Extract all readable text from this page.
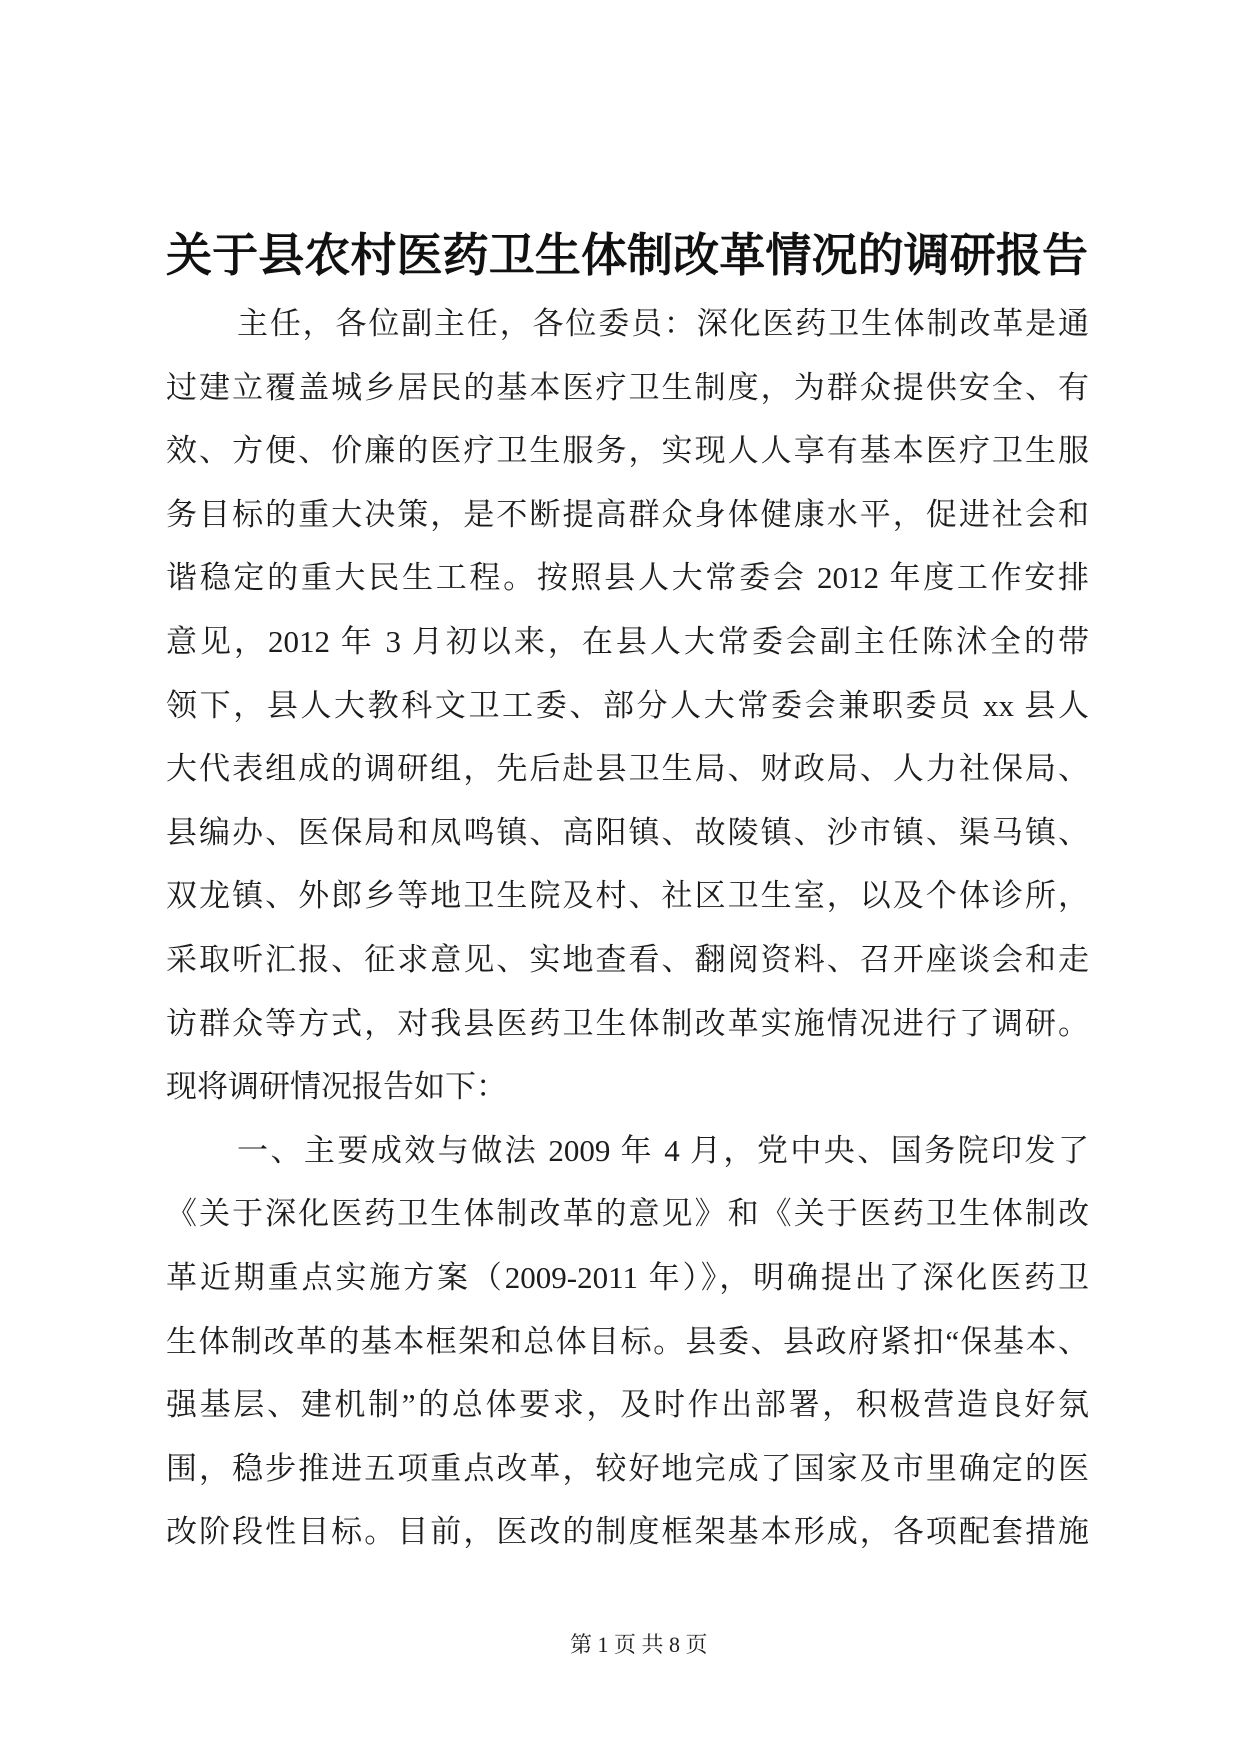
关于县农村医药卫生体制改革情况的调研报告
主任，各位副主任，各位委员：深化医药卫生体制改革是通
过建立覆盖城乡居民的基本医疗卫生制度，为群众提供安全、有
效、方便、价廉的医疗卫生服务，实现人人享有基本医疗卫生服
务目标的重大决策，是不断提高群众身体健康水平，促进社会和
谐稳定的重大民生工程。按照县人大常委会 2012 年度工作安排
意见，2012 年 3 月初以来，在县人大常委会副主任陈沭全的带
领下，县人大教科文卫工委、部分人大常委会兼职委员 xx 县人
大代表组成的调研组，先后赴县卫生局、财政局、人力社保局、
县编办、医保局和凤鸣镇、高阳镇、故陵镇、沙市镇、渠马镇、
双龙镇、外郎乡等地卫生院及村、社区卫生室，以及个体诊所，
采取听汇报、征求意见、实地查看、翻阅资料、召开座谈会和走
访群众等方式，对我县医药卫生体制改革实施情况进行了调研。
现将调研情况报告如下：
一、主要成效与做法 2009 年 4 月，党中央、国务院印发了
《关于深化医药卫生体制改革的意见》和《关于医药卫生体制改
革近期重点实施方案（2009-2011 年）》，明确提出了深化医药卫
生体制改革的基本框架和总体目标。县委、县政府紧扣“保基本、
强基层、建机制”的总体要求，及时作出部署，积极营造良好氛
围，稳步推进五项重点改革，较好地完成了国家及市里确定的医
改阶段性目标。目前，医改的制度框架基本形成，各项配套措施
第 1 页 共 8 页
